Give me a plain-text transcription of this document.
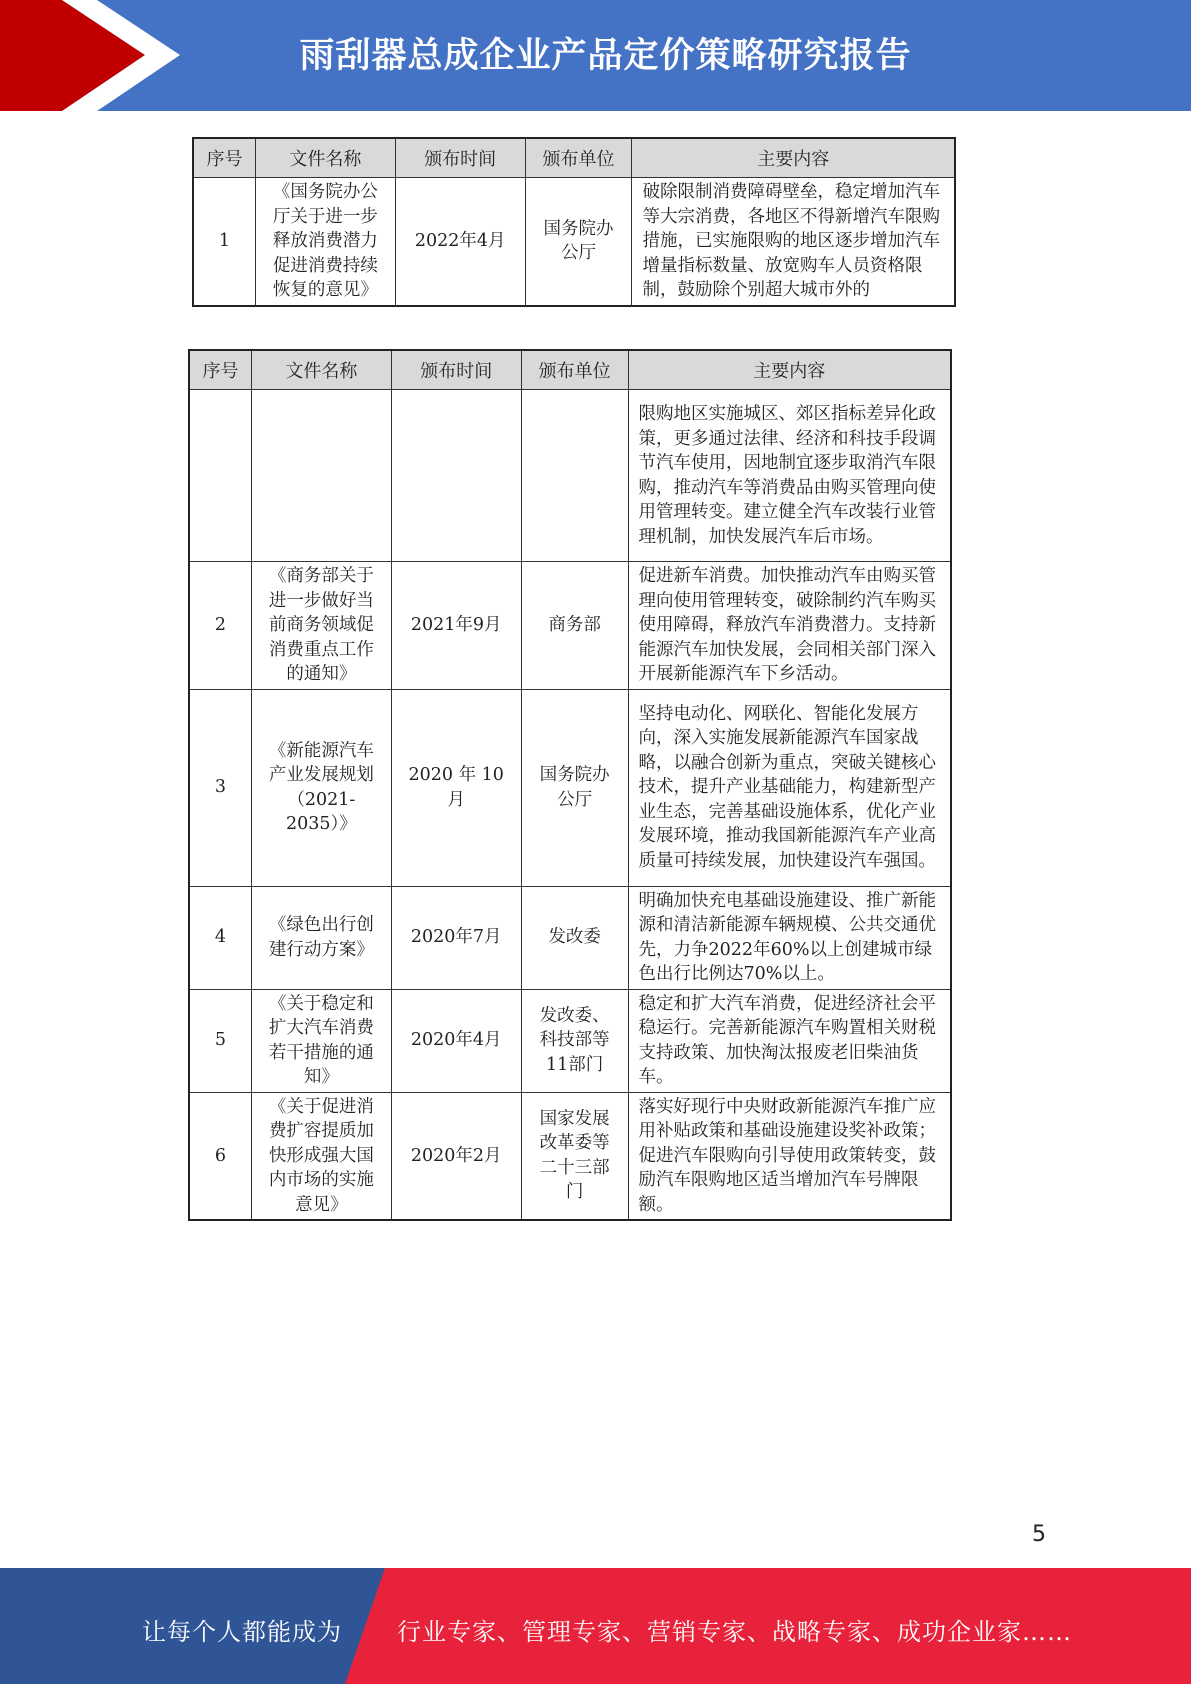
雨刮器总成企业产品定价策略研究报告
序号	文件名称	颁布时间	颁布单位	主要内容
1	《国务院办公厅关于进一步释放消费潜力促进消费持续恢复的意见》	2022年4月	国务院办公厅	破除限制消费障碍壁垒，稳定增加汽车等大宗消费，各地区不得新增汽车限购措施，已实施限购的地区逐步增加汽车增量指标数量、放宽购车人员资格限制，鼓励除个别超大城市外的
序号	文件名称	颁布时间	颁布单位	主要内容
				限购地区实施城区、郊区指标差异化政策，更多通过法律、经济和科技手段调节汽车使用，因地制宜逐步取消汽车限购，推动汽车等消费品由购买管理向使用管理转变。建立健全汽车改装行业管理机制，加快发展汽车后市场。
2	《商务部关于进一步做好当前商务领域促消费重点工作的通知》	2021年9月	商务部	促进新车消费。加快推动汽车由购买管理向使用管理转变，破除制约汽车购买使用障碍，释放汽车消费潜力。支持新能源汽车加快发展，会同相关部门深入开展新能源汽车下乡活动。
3	《新能源汽车产业发展规划（2021-2035）》	2020 年 10 月	国务院办公厅	坚持电动化、网联化、智能化发展方向，深入实施发展新能源汽车国家战略，以融合创新为重点，突破关键核心技术，提升产业基础能力，构建新型产业生态，完善基础设施体系，优化产业发展环境，推动我国新能源汽车产业高质量可持续发展，加快建设汽车强国。
4	《绿色出行创建行动方案》	2020年7月	发改委	明确加快充电基础设施建设、推广新能源和清洁新能源车辆规模、公共交通优先，力争2022年60%以上创建城市绿色出行比例达70%以上。
5	《关于稳定和扩大汽车消费若干措施的通知》	2020年4月	发改委、科技部等11部门	稳定和扩大汽车消费，促进经济社会平稳运行。完善新能源汽车购置相关财税支持政策、加快淘汰报废老旧柴油货车。
6	《关于促进消费扩容提质加快形成强大国内市场的实施意见》	2020年2月	国家发展改革委等二十三部门	落实好现行中央财政新能源汽车推广应用补贴政策和基础设施建设奖补政策；促进汽车限购向引导使用政策转变，鼓励汽车限购地区适当增加汽车号牌限额。
5
让每个人都能成为 行业专家、管理专家、营销专家、战略专家、成功企业家……
